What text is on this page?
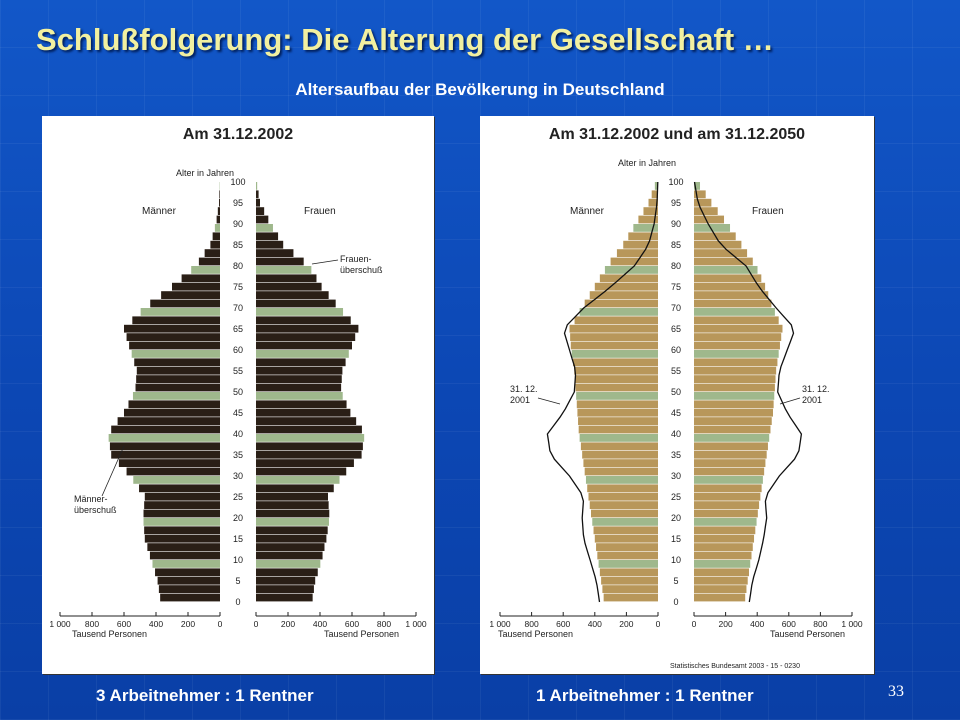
Schlußfolgerung: Die Alterung der Gesellschaft …
Altersaufbau der Bevölkerung in Deutschland
Am 31.12.2002
0
5
10
15
20
25
30
35
40
45
50
55
60
65
70
75
80
85
90
95
100
1 000 800 600 400 200	0	0	200 400 600 800 1 000
Alter in Jahren
Männer	Frauen
Frauen-
überschuß
Männer-
überschuß
Tausend Personen	Tausend Personen
Am 31.12.2002 und am 31.12.2050
0
5
10
15
20
25
30
35
40
45
50
55
60
65
70
75
80
85
90
95
100
1 000 800 600 400 200	0	0	200 400 600 800 1 000
Alter in Jahren
Männer	Frauen
31. 12.
2001
31. 12.
2001
Tausend Personen	Tausend Personen
Statistisches Bundesamt 2003 - 15 - 0230
3 Arbeitnehmer : 1 Rentner	1 Arbeitnehmer : 1 Rentner	33
